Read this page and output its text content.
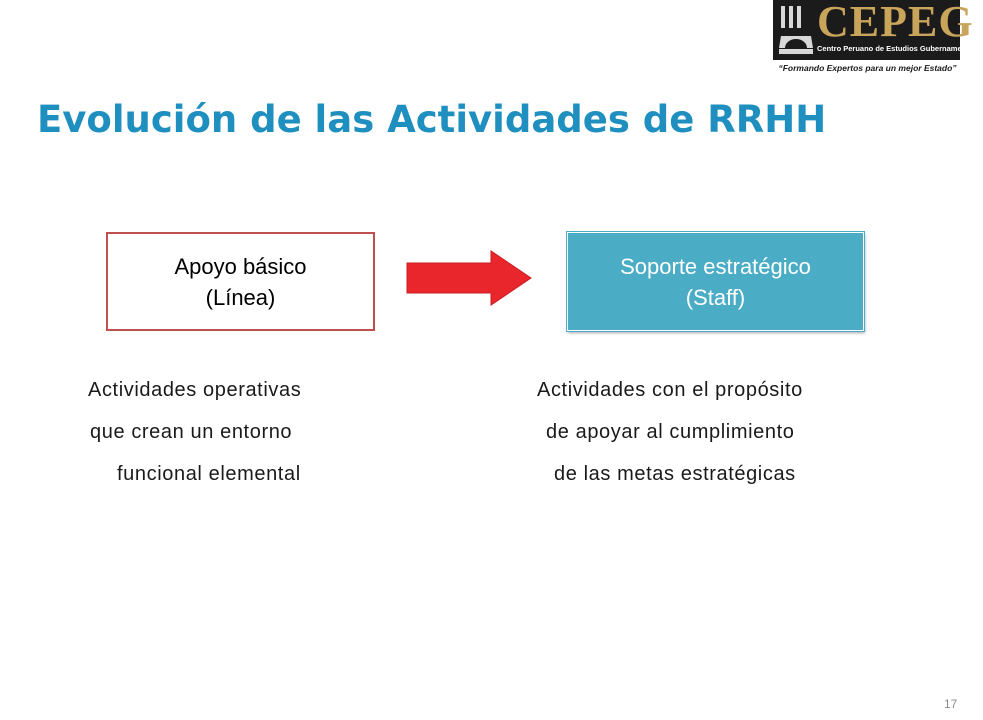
CEPEG
Centro Peruano de Estudios Gubernamentales
“Formando Expertos para un mejor Estado”
Evolución de las Actividades de RRHH
Apoyo básico
(Línea)
Soporte estratégico
(Staff)

Actividades operativas
que crean un entorno
funcional elemental

Actividades con el propósito
de apoyar al cumplimiento
de las metas estratégicas

17
